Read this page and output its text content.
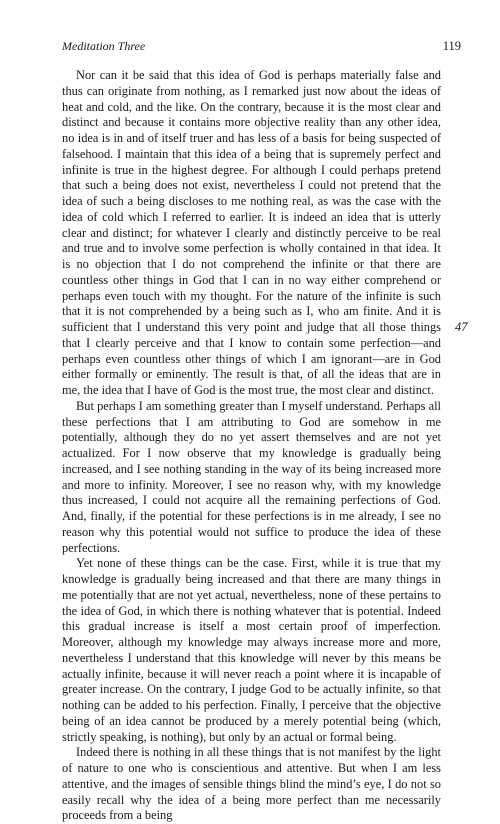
Meditation Three	119

Nor can it be said that this idea of God is perhaps materially false and thus can originate from nothing, as I remarked just now about the ideas of heat and cold, and the like. On the contrary, because it is the most clear and distinct and because it contains more objective reality than any other idea, no idea is in and of itself truer and has less of a basis for being suspected of falsehood. I maintain that this idea of a being that is supremely perfect and infinite is true in the highest degree. For although I could perhaps pretend that such a being does not exist, nevertheless I could not pretend that the idea of such a being discloses to me nothing real, as was the case with the idea of cold which I referred to earlier. It is indeed an idea that is utterly clear and distinct; for whatever I clearly and distinctly perceive to be real and true and to involve some perfection is wholly contained in that idea. It is no objection that I do not comprehend the infinite or that there are countless other things in God that I can in no way either comprehend or perhaps even touch with my thought. For the nature of the infinite is such that it is not comprehended by a being such as I, who am finite. And it is sufficient that I understand this very point and judge that all those things that I clearly perceive and that I know to contain some perfection—and perhaps even countless other things of which I am ignorant—are in God either formally or eminently. The result is that, of all the ideas that are in me, the idea that I have of God is the most true, the most clear and distinct.

But perhaps I am something greater than I myself understand. Perhaps all these perfections that I am attributing to God are somehow in me potentially, although they do no yet assert themselves and are not yet actualized. For I now observe that my knowledge is gradually being increased, and I see nothing standing in the way of its being increased more and more to infinity. Moreover, I see no reason why, with my knowledge thus increased, I could not acquire all the remaining perfections of God. And, finally, if the potential for these perfections is in me already, I see no reason why this potential would not suffice to produce the idea of these perfections.

Yet none of these things can be the case. First, while it is true that my knowledge is gradually being increased and that there are many things in me potentially that are not yet actual, nevertheless, none of these pertains to the idea of God, in which there is nothing whatever that is potential. Indeed this gradual increase is itself a most certain proof of imperfection. Moreover, although my knowledge may always increase more and more, nevertheless I understand that this knowledge will never by this means be actually infinite, because it will never reach a point where it is incapable of greater increase. On the contrary, I judge God to be actually infinite, so that nothing can be added to his perfection. Finally, I perceive that the objective being of an idea cannot be produced by a merely potential being (which, strictly speaking, is nothing), but only by an actual or formal being.

Indeed there is nothing in all these things that is not manifest by the light of nature to one who is conscientious and attentive. But when I am less attentive, and the images of sensible things blind the mind’s eye, I do not so easily recall why the idea of a being more perfect than me necessarily proceeds from a being

47
